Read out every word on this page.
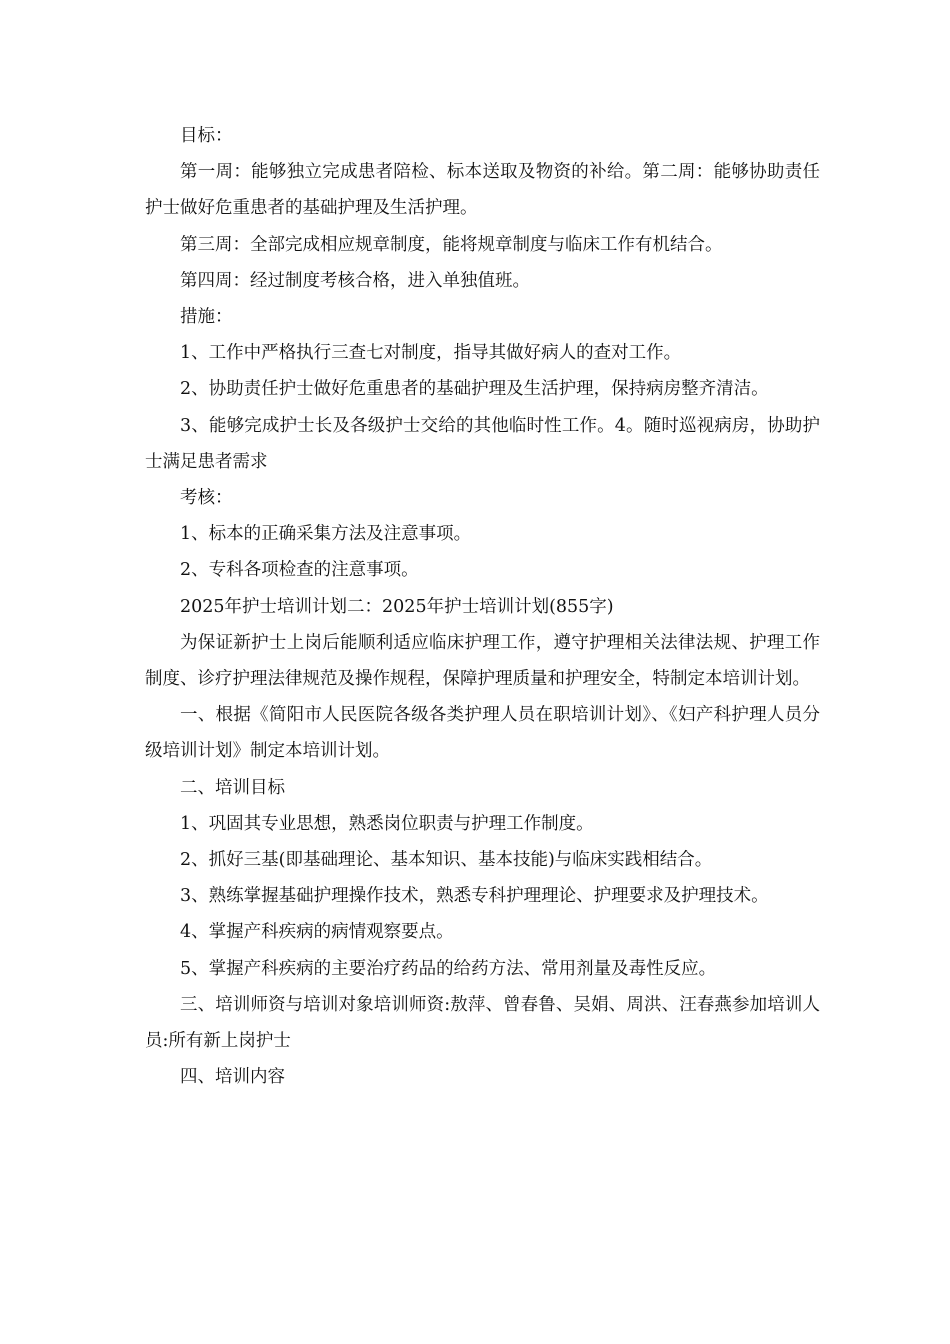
目标：

第一周：能够独立完成患者陪检、标本送取及物资的补给。第二周：能够协助责任护士做好危重患者的基础护理及生活护理。

第三周：全部完成相应规章制度，能将规章制度与临床工作有机结合。

第四周：经过制度考核合格，进入单独值班。

措施：

1、工作中严格执行三查七对制度，指导其做好病人的查对工作。

2、协助责任护士做好危重患者的基础护理及生活护理，保持病房整齐清洁。

3、能够完成护士长及各级护士交给的其他临时性工作。4。随时巡视病房，协助护士满足患者需求

考核：

1、标本的正确采集方法及注意事项。

2、专科各项检查的注意事项。

2025年护士培训计划二：2025年护士培训计划(855字)

为保证新护士上岗后能顺利适应临床护理工作，遵守护理相关法律法规、护理工作制度、诊疗护理法律规范及操作规程，保障护理质量和护理安全，特制定本培训计划。

一、根据《简阳市人民医院各级各类护理人员在职培训计划》、《妇产科护理人员分级培训计划》制定本培训计划。

二、培训目标

1、巩固其专业思想，熟悉岗位职责与护理工作制度。

2、抓好三基(即基础理论、基本知识、基本技能)与临床实践相结合。

3、熟练掌握基础护理操作技术，熟悉专科护理理论、护理要求及护理技术。

4、掌握产科疾病的病情观察要点。

5、掌握产科疾病的主要治疗药品的给药方法、常用剂量及毒性反应。

三、培训师资与培训对象培训师资:敖萍、曾春鲁、吴娟、周洪、汪春燕参加培训人员:所有新上岗护士

四、培训内容
